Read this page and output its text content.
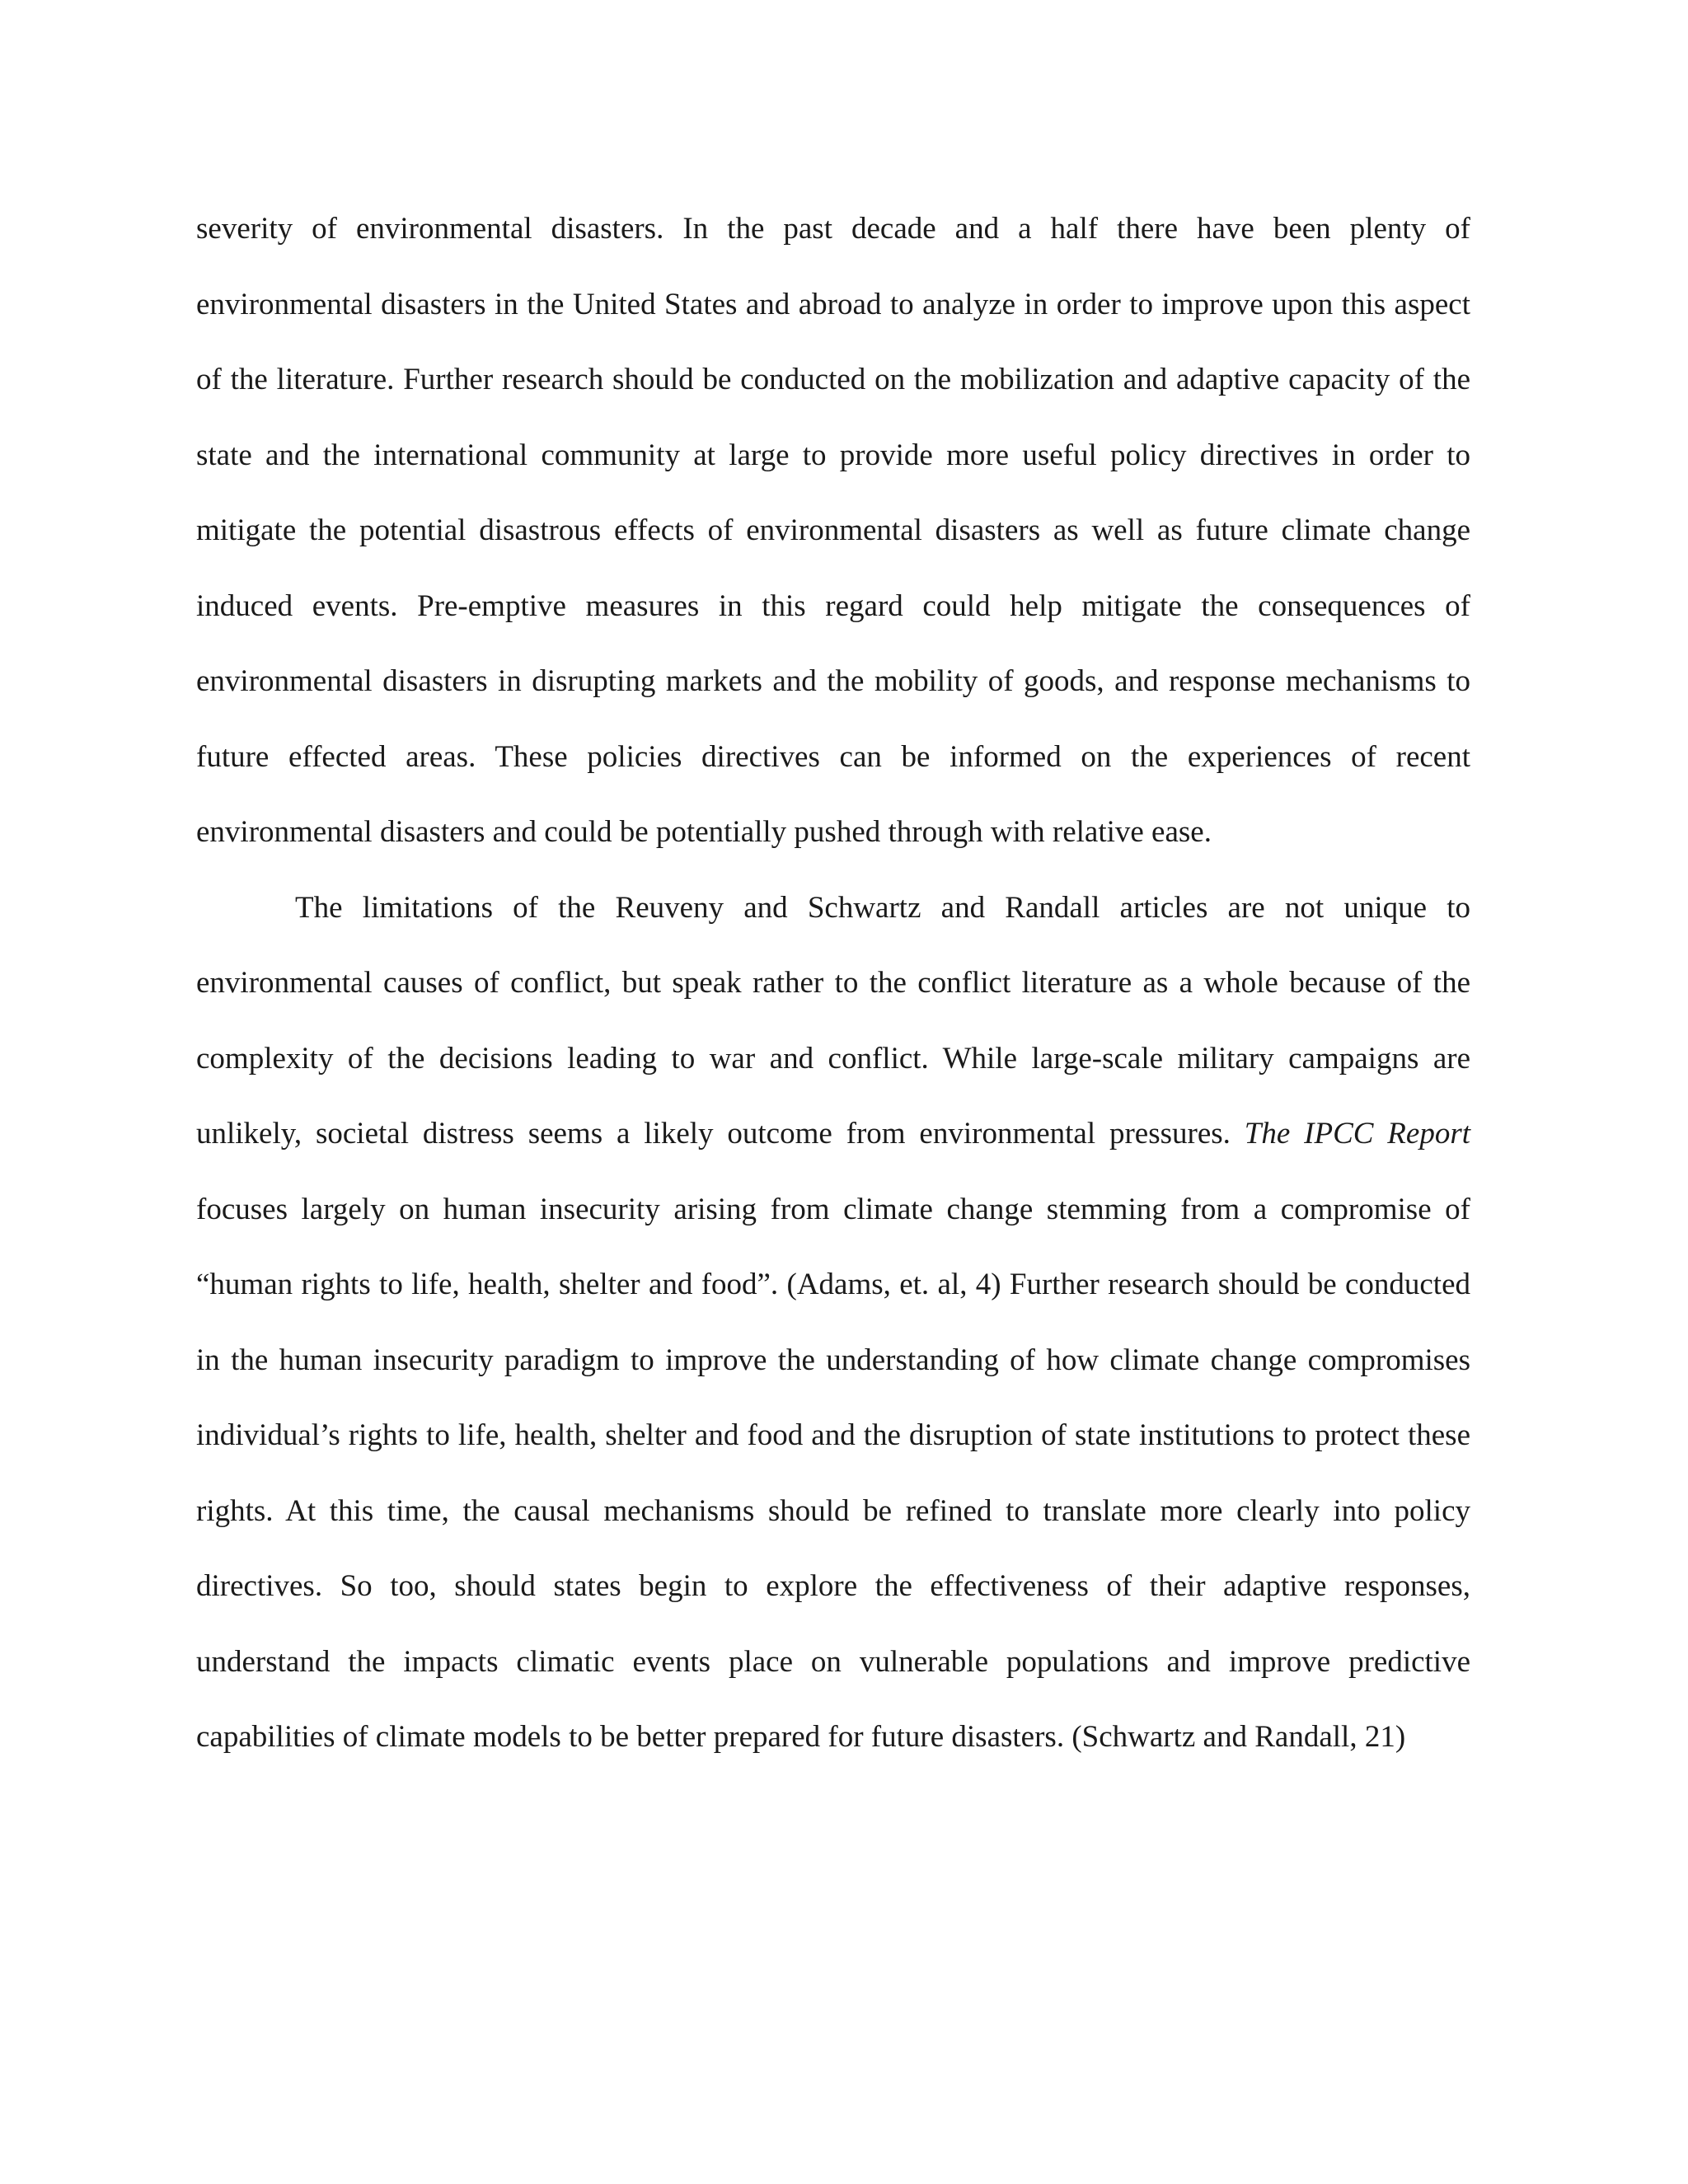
severity of environmental disasters. In the past decade and a half there have been plenty of environmental disasters in the United States and abroad to analyze in order to improve upon this aspect of the literature. Further research should be conducted on the mobilization and adaptive capacity of the state and the international community at large to provide more useful policy directives in order to mitigate the potential disastrous effects of environmental disasters as well as future climate change induced events. Pre-emptive measures in this regard could help mitigate the consequences of environmental disasters in disrupting markets and the mobility of goods, and response mechanisms to future effected areas. These policies directives can be informed on the experiences of recent environmental disasters and could be potentially pushed through with relative ease.

The limitations of the Reuveny and Schwartz and Randall articles are not unique to environmental causes of conflict, but speak rather to the conflict literature as a whole because of the complexity of the decisions leading to war and conflict. While large-scale military campaigns are unlikely, societal distress seems a likely outcome from environmental pressures. The IPCC Report focuses largely on human insecurity arising from climate change stemming from a compromise of “human rights to life, health, shelter and food”. (Adams, et. al, 4) Further research should be conducted in the human insecurity paradigm to improve the understanding of how climate change compromises individual’s rights to life, health, shelter and food and the disruption of state institutions to protect these rights. At this time, the causal mechanisms should be refined to translate more clearly into policy directives. So too, should states begin to explore the effectiveness of their adaptive responses, understand the impacts climatic events place on vulnerable populations and improve predictive capabilities of climate models to be better prepared for future disasters. (Schwartz and Randall, 21)
